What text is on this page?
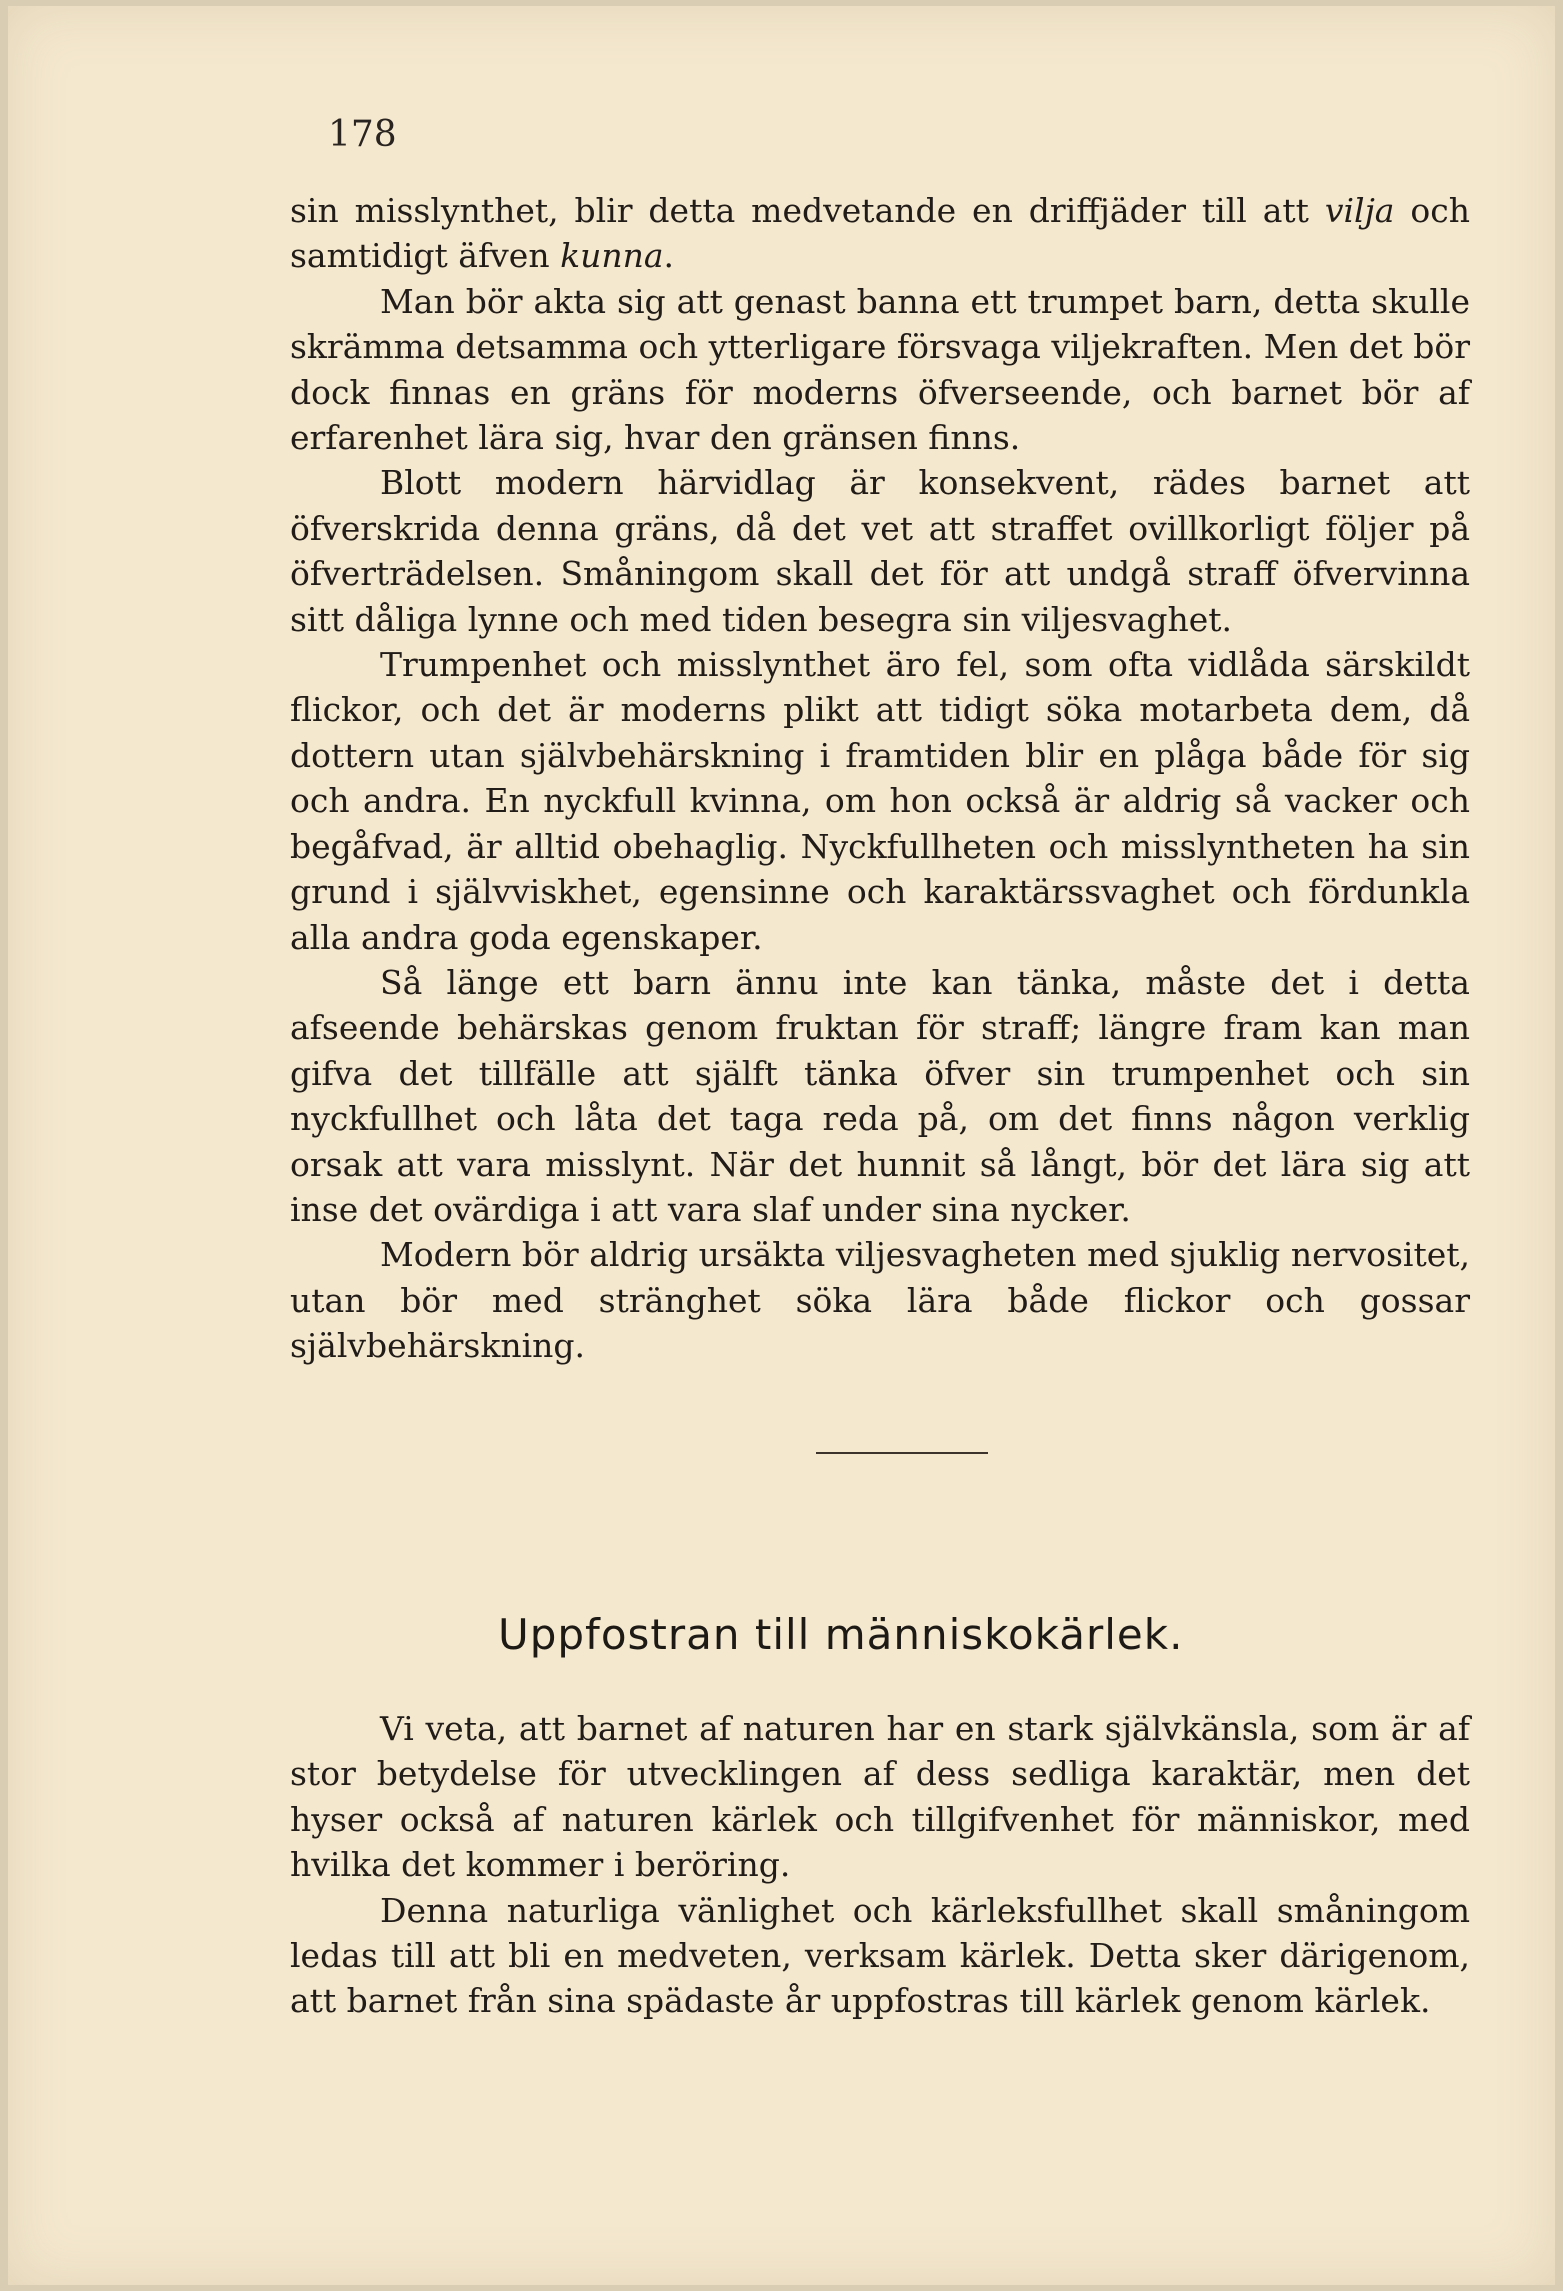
178

sin misslynthet, blir detta medvetande en driffjäder till att vilja och samtidigt äfven kunna.

Man bör akta sig att genast banna ett trumpet barn, detta skulle skrämma detsamma och ytterligare försvaga viljekraften. Men det bör dock finnas en gräns för moderns öfverseende, och barnet bör af erfarenhet lära sig, hvar den gränsen finns.

Blott modern härvidlag är konsekvent, rädes barnet att öfverskrida denna gräns, då det vet att straffet ovillkorligt följer på öfverträdelsen. Småningom skall det för att undgå straff öfvervinna sitt dåliga lynne och med tiden besegra sin viljesvaghet.

Trumpenhet och misslynthet äro fel, som ofta vidlåda särskildt flickor, och det är moderns plikt att tidigt söka motarbeta dem, då dottern utan självbehärskning i framtiden blir en plåga både för sig och andra. En nyckfull kvinna, om hon också är aldrig så vacker och begåfvad, är alltid obehaglig. Nyckfullheten och misslyntheten ha sin grund i självviskhet, egensinne och karaktärssvaghet och fördunkla alla andra goda egenskaper.

Så länge ett barn ännu inte kan tänka, måste det i detta afseende behärskas genom fruktan för straff; längre fram kan man gifva det tillfälle att själft tänka öfver sin trumpenhet och sin nyckfullhet och låta det taga reda på, om det finns någon verklig orsak att vara misslynt. När det hunnit så långt, bör det lära sig att inse det ovärdiga i att vara slaf under sina nycker.

Modern bör aldrig ursäkta viljesvagheten med sjuklig nervositet, utan bör med stränghet söka lära både flickor och gossar självbehärskning.

Uppfostran till människokärlek.

Vi veta, att barnet af naturen har en stark självkänsla, som är af stor betydelse för utvecklingen af dess sedliga karaktär, men det hyser också af naturen kärlek och tillgifvenhet för människor, med hvilka det kommer i beröring.

Denna naturliga vänlighet och kärleksfullhet skall småningom ledas till att bli en medveten, verksam kärlek. Detta sker därigenom, att barnet från sina spädaste år uppfostras till kärlek genom kärlek.
